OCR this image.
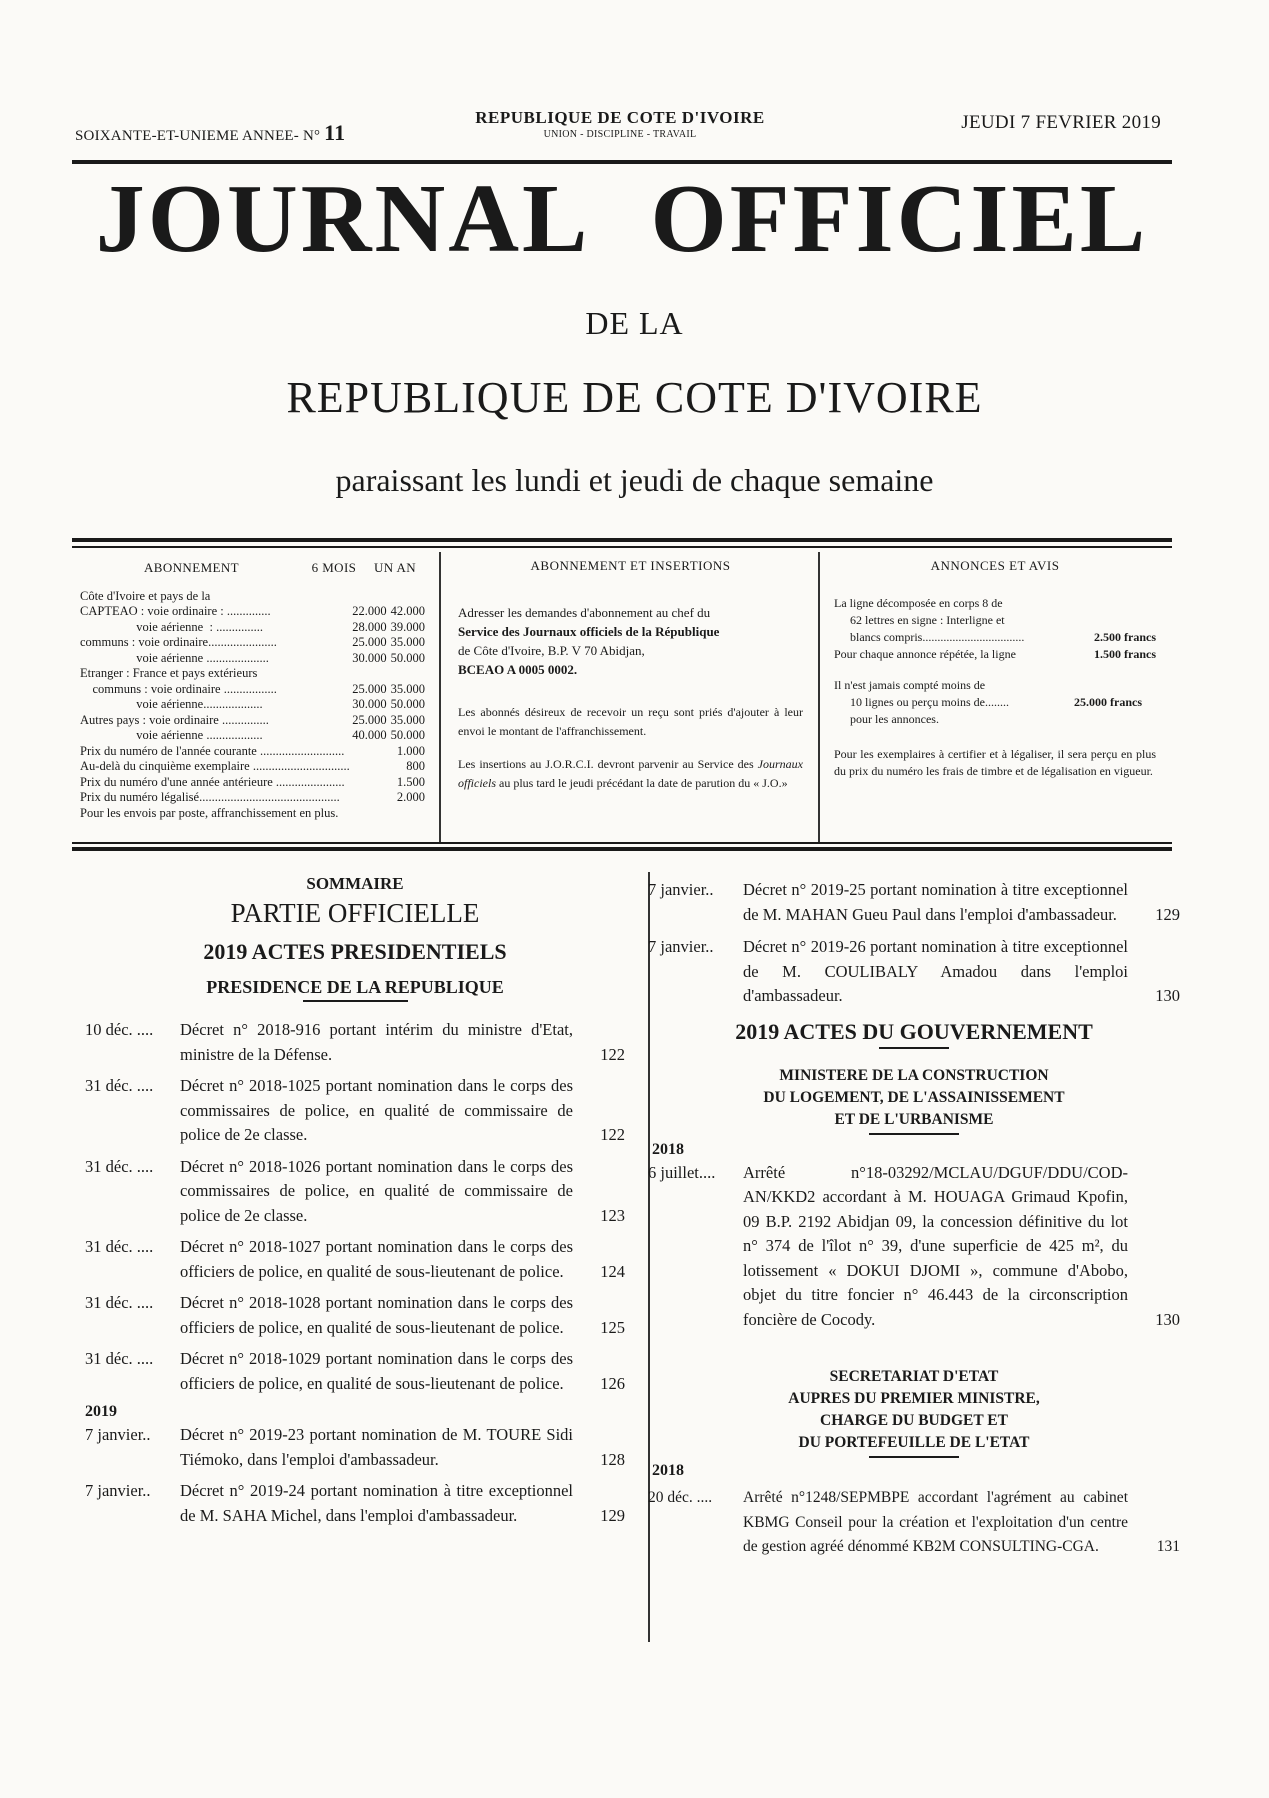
SOIXANTE-ET-UNIEME ANNEE- N° 11
REPUBLIQUE DE COTE D'IVOIRE
UNION - DISCIPLINE - TRAVAIL
JEUDI 7 FEVRIER 2019
JOURNAL OFFICIEL
DE LA
REPUBLIQUE DE COTE D'IVOIRE
paraissant les lundi et jeudi de chaque semaine
ABONNEMENT	6 MOIS	UN AN
Côte d'Ivoire et pays de la		
CAPTEAO : voie ordinaire : ..............	22.000	42.000
voie aérienne  : ...............	28.000	39.000
communs : voie ordinaire......................	25.000	35.000
voie aérienne ....................	30.000	50.000
Etranger : France et pays extérieurs		
communs : voie ordinaire .................	25.000	35.000
voie aérienne...................	30.000	50.000
Autres pays : voie ordinaire ...............	25.000	35.000
voie aérienne ..................	40.000	50.000
Prix du numéro de l'année courante ...........................		1.000
Au-delà du cinquième exemplaire ...............................		800
Prix du numéro d'une année antérieure ......................		1.500
Prix du numéro légalisé.............................................		2.000
Pour les envois par poste, affranchissement en plus.		
ABONNEMENT ET INSERTIONS
Adresser les demandes d'abonnement au chef du
Service des Journaux officiels de la République
de Côte d'Ivoire, B.P. V 70 Abidjan,
BCEAO A 0005 0002.

Les abonnés désireux de recevoir un reçu sont priés d'ajouter à leur envoi le montant de l'affranchissement.

Les insertions au J.O.R.C.I. devront parvenir au Service des Journaux officiels au plus tard le jeudi précédant la date de parution du « J.O.»

ANNONCES ET AVIS
La ligne décomposée en corps 8 de
62 lettres en signe : Interligne et
blancs compris..................................	2.500 francs
Pour chaque annonce répétée, la ligne	1.500 francs
Il n'est jamais compté moins de
10 lignes ou perçu moins de........	25.000 francs
pour les annonces.

Pour les exemplaires à certifier et à légaliser, il sera perçu en plus du prix du numéro les frais de timbre et de légalisation en vigueur.

SOMMAIRE
PARTIE OFFICIELLE
2019 ACTES PRESIDENTIELS
PRESIDENCE DE LA REPUBLIQUE
10 déc. ....	Décret n° 2018-916 portant intérim du ministre d'Etat, ministre de la Défense.	122
31 déc. ....	Décret n° 2018-1025 portant nomination dans le corps des commissaires de police, en qualité de commissaire de police de 2e classe.	122
31 déc. ....	Décret n° 2018-1026 portant nomination dans le corps des commissaires de police, en qualité de commissaire de police de 2e classe.	123
31 déc. ....	Décret n° 2018-1027 portant nomination dans le corps des officiers de police, en qualité de sous-lieutenant de police.	124
31 déc. ....	Décret n° 2018-1028 portant nomination dans le corps des officiers de police, en qualité de sous-lieutenant de police.	125
31 déc. ....	Décret n° 2018-1029 portant nomination dans le corps des officiers de police, en qualité de sous-lieutenant de police.	126
2019
7 janvier..	Décret n° 2019-23 portant nomination de M. TOURE Sidi Tiémoko, dans l'emploi d'ambassadeur.	128
7 janvier..	Décret n° 2019-24 portant nomination à titre exceptionnel de M. SAHA Michel, dans l'emploi d'ambassadeur.	129
7 janvier..	Décret n° 2019-25 portant nomination à titre exceptionnel de M. MAHAN Gueu Paul dans l'emploi d'ambassadeur.	129
7 janvier..	Décret n° 2019-26 portant nomination à titre exceptionnel de M. COULIBALY Amadou dans l'emploi d'ambassadeur.	130
2019 ACTES DU GOUVERNEMENT
MINISTERE DE LA CONSTRUCTION
DU LOGEMENT, DE L'ASSAINISSEMENT
ET DE L'URBANISME
2018
6 juillet....	Arrêté n°18-03292/MCLAU/DGUF/DDU/COD-AN/KKD2 accordant à M. HOUAGA Grimaud Kpofin, 09 B.P. 2192 Abidjan 09, la concession définitive du lot n° 374 de l'îlot n° 39, d'une superficie de 425 m², du lotissement « DOKUI DJOMI », commune d'Abobo, objet du titre foncier n° 46.443 de la circonscription foncière de Cocody.	130
SECRETARIAT D'ETAT
AUPRES DU PREMIER MINISTRE,
CHARGE DU BUDGET ET
DU PORTEFEUILLE DE L'ETAT
2018
20 déc. ....	Arrêté n°1248/SEPMBPE accordant l'agrément au cabinet KBMG Conseil pour la création et l'exploitation d'un centre de gestion agréé dénommé KB2M CONSULTING-CGA.	131
